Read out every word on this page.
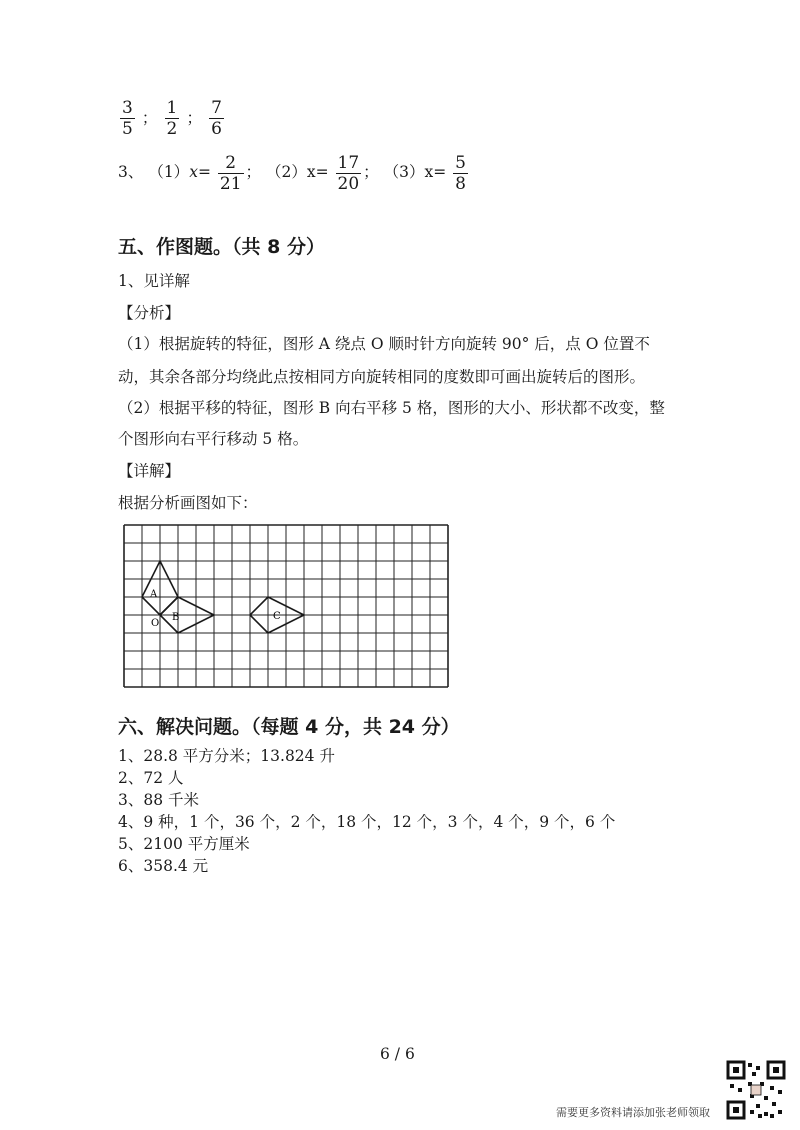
$\frac{3}{5}$ ； $\frac{1}{2}$ ； $\frac{7}{6}$
3、 $(1)x= \frac{2}{21}$ ； $(2)x= \frac{17}{20}$ ； $(3)x= \frac{5}{8}$
五、作图题。（共 8 分）
1、见详解
【分析】
（1）根据旋转的特征，图形 A 绕点 O 顺时针方向旋转 90° 后，点 O 位置不
动，其余各部分均绕此点按相同方向旋转相同的度数即可画出旋转后的图形。
（2）根据平移的特征，图形 B 向右平移 5 格，图形的大小、形状都不改变，整
个图形向右平行移动 5 格。
【详解】
根据分析画图如下：
A
O
B	C
六、解决问题。（每题 4 分，共 24 分）
1、28.8 平方分米；13.824 升
2、72 人
3、88 千米
4、9 种，1 个，36 个，2 个，18 个，12 个，3 个，4 个，9 个，6 个
5、2100 平方厘米
6、358.4 元
6 / 6
需要更多资料请添加张老师领取
